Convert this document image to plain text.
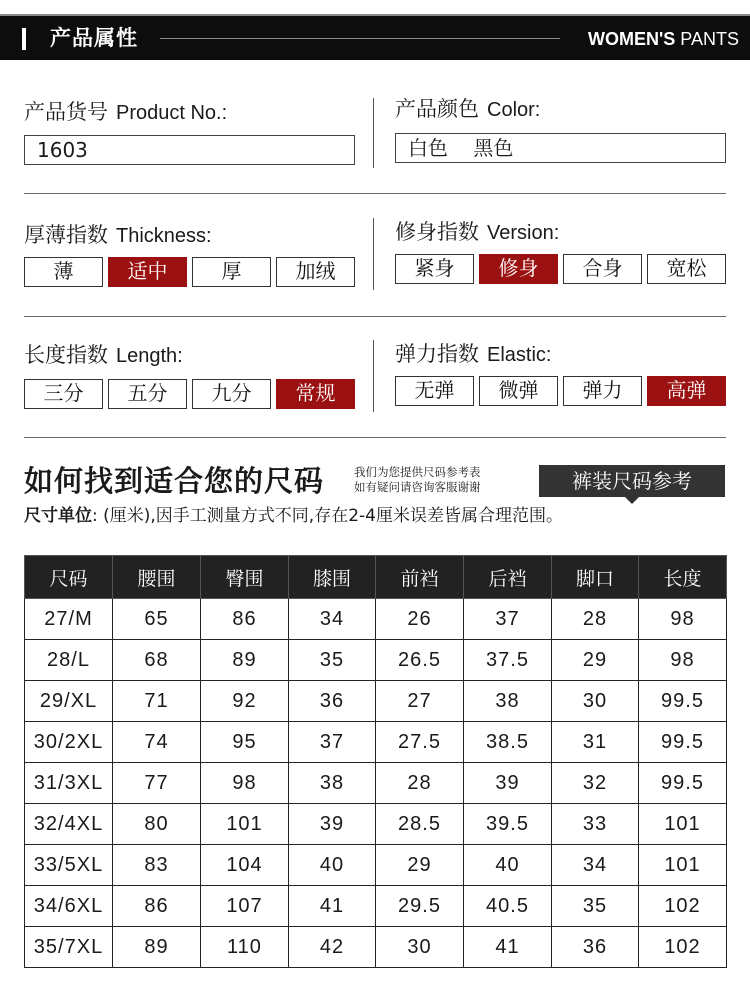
产品属性	WOMEN'S PANTS
产品货号 Product No.:
1603
产品颜色 Color:
白色    黑色
厚薄指数 Thickness:
薄	适中	厚	加绒
修身指数 Version:
紧身	修身	合身	宽松
长度指数 Length:
三分	五分	九分	常规
弹力指数 Elastic:
无弹	微弹	弹力	高弹
如何找到适合您的尺码	我们为您提供尺码参考表
如有疑问请咨询客服谢谢	裤装尺码参考
尺寸单位: (厘米),因手工测量方式不同,存在2-4厘米误差皆属合理范围。
尺码	腰围	臀围	膝围	前裆	后裆	脚口	长度
27/M	65	86	34	26	37	28	98
28/L	68	89	35	26.5	37.5	29	98
29/XL	71	92	36	27	38	30	99.5
30/2XL	74	95	37	27.5	38.5	31	99.5
31/3XL	77	98	38	28	39	32	99.5
32/4XL	80	101	39	28.5	39.5	33	101
33/5XL	83	104	40	29	40	34	101
34/6XL	86	107	41	29.5	40.5	35	102
35/7XL	89	110	42	30	41	36	102
